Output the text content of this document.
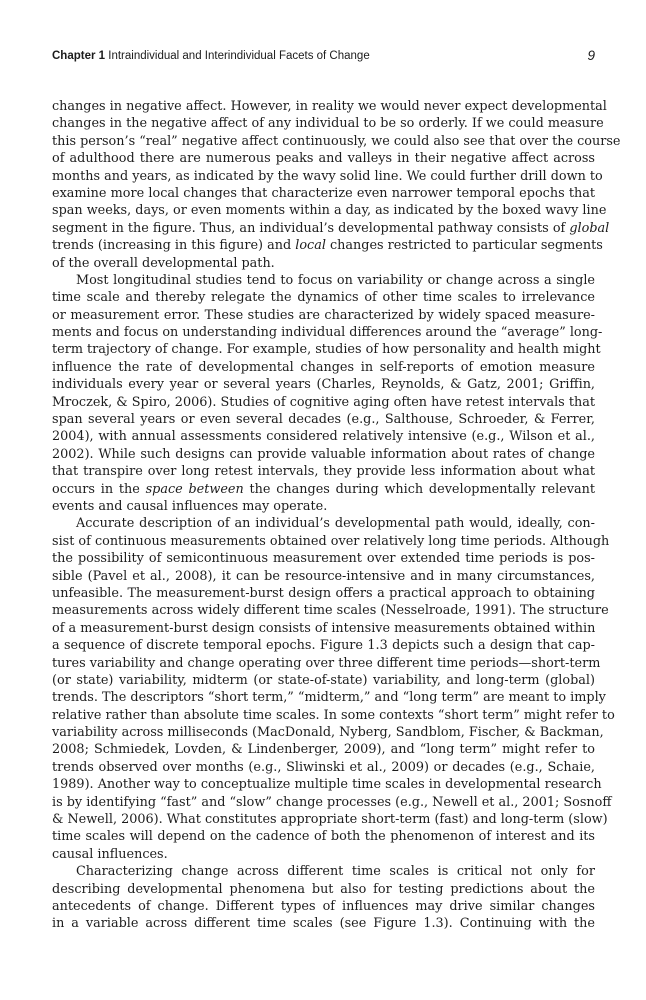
Chapter 1 Intraindividual and Interindividual Facets of Change	9
changes in negative affect. However, in reality we would never expect developmental
changes in the negative affect of any individual to be so orderly. If we could measure
this person’s “real” negative affect continuously, we could also see that over the course
of adulthood there are numerous peaks and valleys in their negative affect across
months and years, as indicated by the wavy solid line. We could further drill down to
examine more local changes that characterize even narrower temporal epochs that
span weeks, days, or even moments within a day, as indicated by the boxed wavy line
segment in the figure. Thus, an individual’s developmental pathway consists of global
trends (increasing in this figure) and local changes restricted to particular segments
of the overall developmental path.
Most longitudinal studies tend to focus on variability or change across a single
time scale and thereby relegate the dynamics of other time scales to irrelevance
or measurement error. These studies are characterized by widely spaced measure-
ments and focus on understanding individual differences around the “average” long-
term trajectory of change. For example, studies of how personality and health might
influence the rate of developmental changes in self-reports of emotion measure
individuals every year or several years (Charles, Reynolds, & Gatz, 2001; Griffin,
Mroczek, & Spiro, 2006). Studies of cognitive aging often have retest intervals that
span several years or even several decades (e.g., Salthouse, Schroeder, & Ferrer,
2004), with annual assessments considered relatively intensive (e.g., Wilson et al.,
2002). While such designs can provide valuable information about rates of change
that transpire over long retest intervals, they provide less information about what
occurs in the space between the changes during which developmentally relevant
events and causal influences may operate.
Accurate description of an individual’s developmental path would, ideally, con-
sist of continuous measurements obtained over relatively long time periods. Although
the possibility of semicontinuous measurement over extended time periods is pos-
sible (Pavel et al., 2008), it can be resource-intensive and in many circumstances,
unfeasible. The measurement-burst design offers a practical approach to obtaining
measurements across widely different time scales (Nesselroade, 1991). The structure
of a measurement-burst design consists of intensive measurements obtained within
a sequence of discrete temporal epochs. Figure 1.3 depicts such a design that cap-
tures variability and change operating over three different time periods—short-term
(or state) variability, midterm (or state-of-state) variability, and long-term (global)
trends. The descriptors “short term,” “midterm,” and “long term” are meant to imply
relative rather than absolute time scales. In some contexts “short term” might refer to
variability across milliseconds (MacDonald, Nyberg, Sandblom, Fischer, & Backman,
2008; Schmiedek, Lovden, & Lindenberger, 2009), and “long term” might refer to
trends observed over months (e.g., Sliwinski et al., 2009) or decades (e.g., Schaie,
1989). Another way to conceptualize multiple time scales in developmental research
is by identifying “fast” and “slow” change processes (e.g., Newell et al., 2001; Sosnoff
& Newell, 2006). What constitutes appropriate short-term (fast) and long-term (slow)
time scales will depend on the cadence of both the phenomenon of interest and its
causal influences.
Characterizing change across different time scales is critical not only for
describing developmental phenomena but also for testing predictions about the
antecedents of change. Different types of influences may drive similar changes
in a variable across different time scales (see Figure 1.3). Continuing with the
